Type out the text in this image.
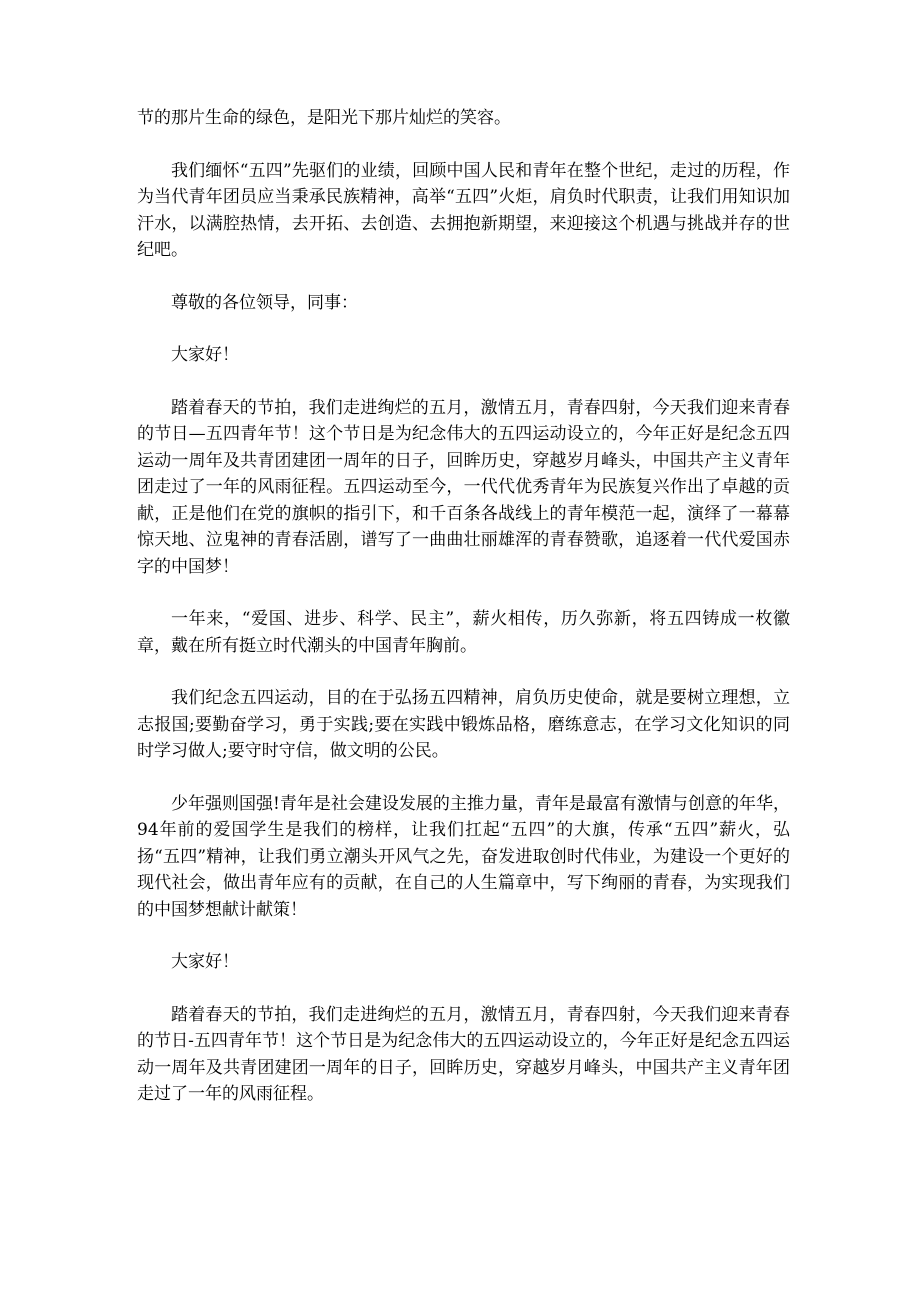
节的那片生命的绿色，是阳光下那片灿烂的笑容。

我们缅怀“五四”先驱们的业绩，回顾中国人民和青年在整个世纪，走过的历程，作为当代青年团员应当秉承民族精神，高举“五四”火炬，肩负时代职责，让我们用知识加汗水，以满腔热情，去开拓、去创造、去拥抱新期望，来迎接这个机遇与挑战并存的世纪吧。

尊敬的各位领导，同事：

大家好！

踏着春天的节拍，我们走进绚烂的五月，激情五月，青春四射，今天我们迎来青春的节日—五四青年节！这个节日是为纪念伟大的五四运动设立的，今年正好是纪念五四运动一周年及共青团建团一周年的日子，回眸历史，穿越岁月峰头，中国共产主义青年团走过了一年的风雨征程。五四运动至今，一代代优秀青年为民族复兴作出了卓越的贡献，正是他们在党的旗帜的指引下，和千百条各战线上的青年模范一起，演绎了一幕幕惊天地、泣鬼神的青春活剧，谱写了一曲曲壮丽雄浑的青春赞歌，追逐着一代代爱国赤字的中国梦！

一年来，“爱国、进步、科学、民主”，薪火相传，历久弥新，将五四铸成一枚徽章，戴在所有挺立时代潮头的中国青年胸前。

我们纪念五四运动，目的在于弘扬五四精神，肩负历史使命，就是要树立理想，立志报国;要勤奋学习，勇于实践;要在实践中锻炼品格，磨练意志，在学习文化知识的同时学习做人;要守时守信，做文明的公民。

少年强则国强!青年是社会建设发展的主推力量，青年是最富有激情与创意的年华，94年前的爱国学生是我们的榜样，让我们扛起“五四”的大旗，传承“五四”薪火，弘扬“五四”精神，让我们勇立潮头开风气之先，奋发进取创时代伟业，为建设一个更好的现代社会，做出青年应有的贡献，在自己的人生篇章中，写下绚丽的青春，为实现我们的中国梦想献计献策！

大家好！

踏着春天的节拍，我们走进绚烂的五月，激情五月，青春四射，今天我们迎来青春的节日-五四青年节！这个节日是为纪念伟大的五四运动设立的，今年正好是纪念五四运动一周年及共青团建团一周年的日子，回眸历史，穿越岁月峰头，中国共产主义青年团走过了一年的风雨征程。
